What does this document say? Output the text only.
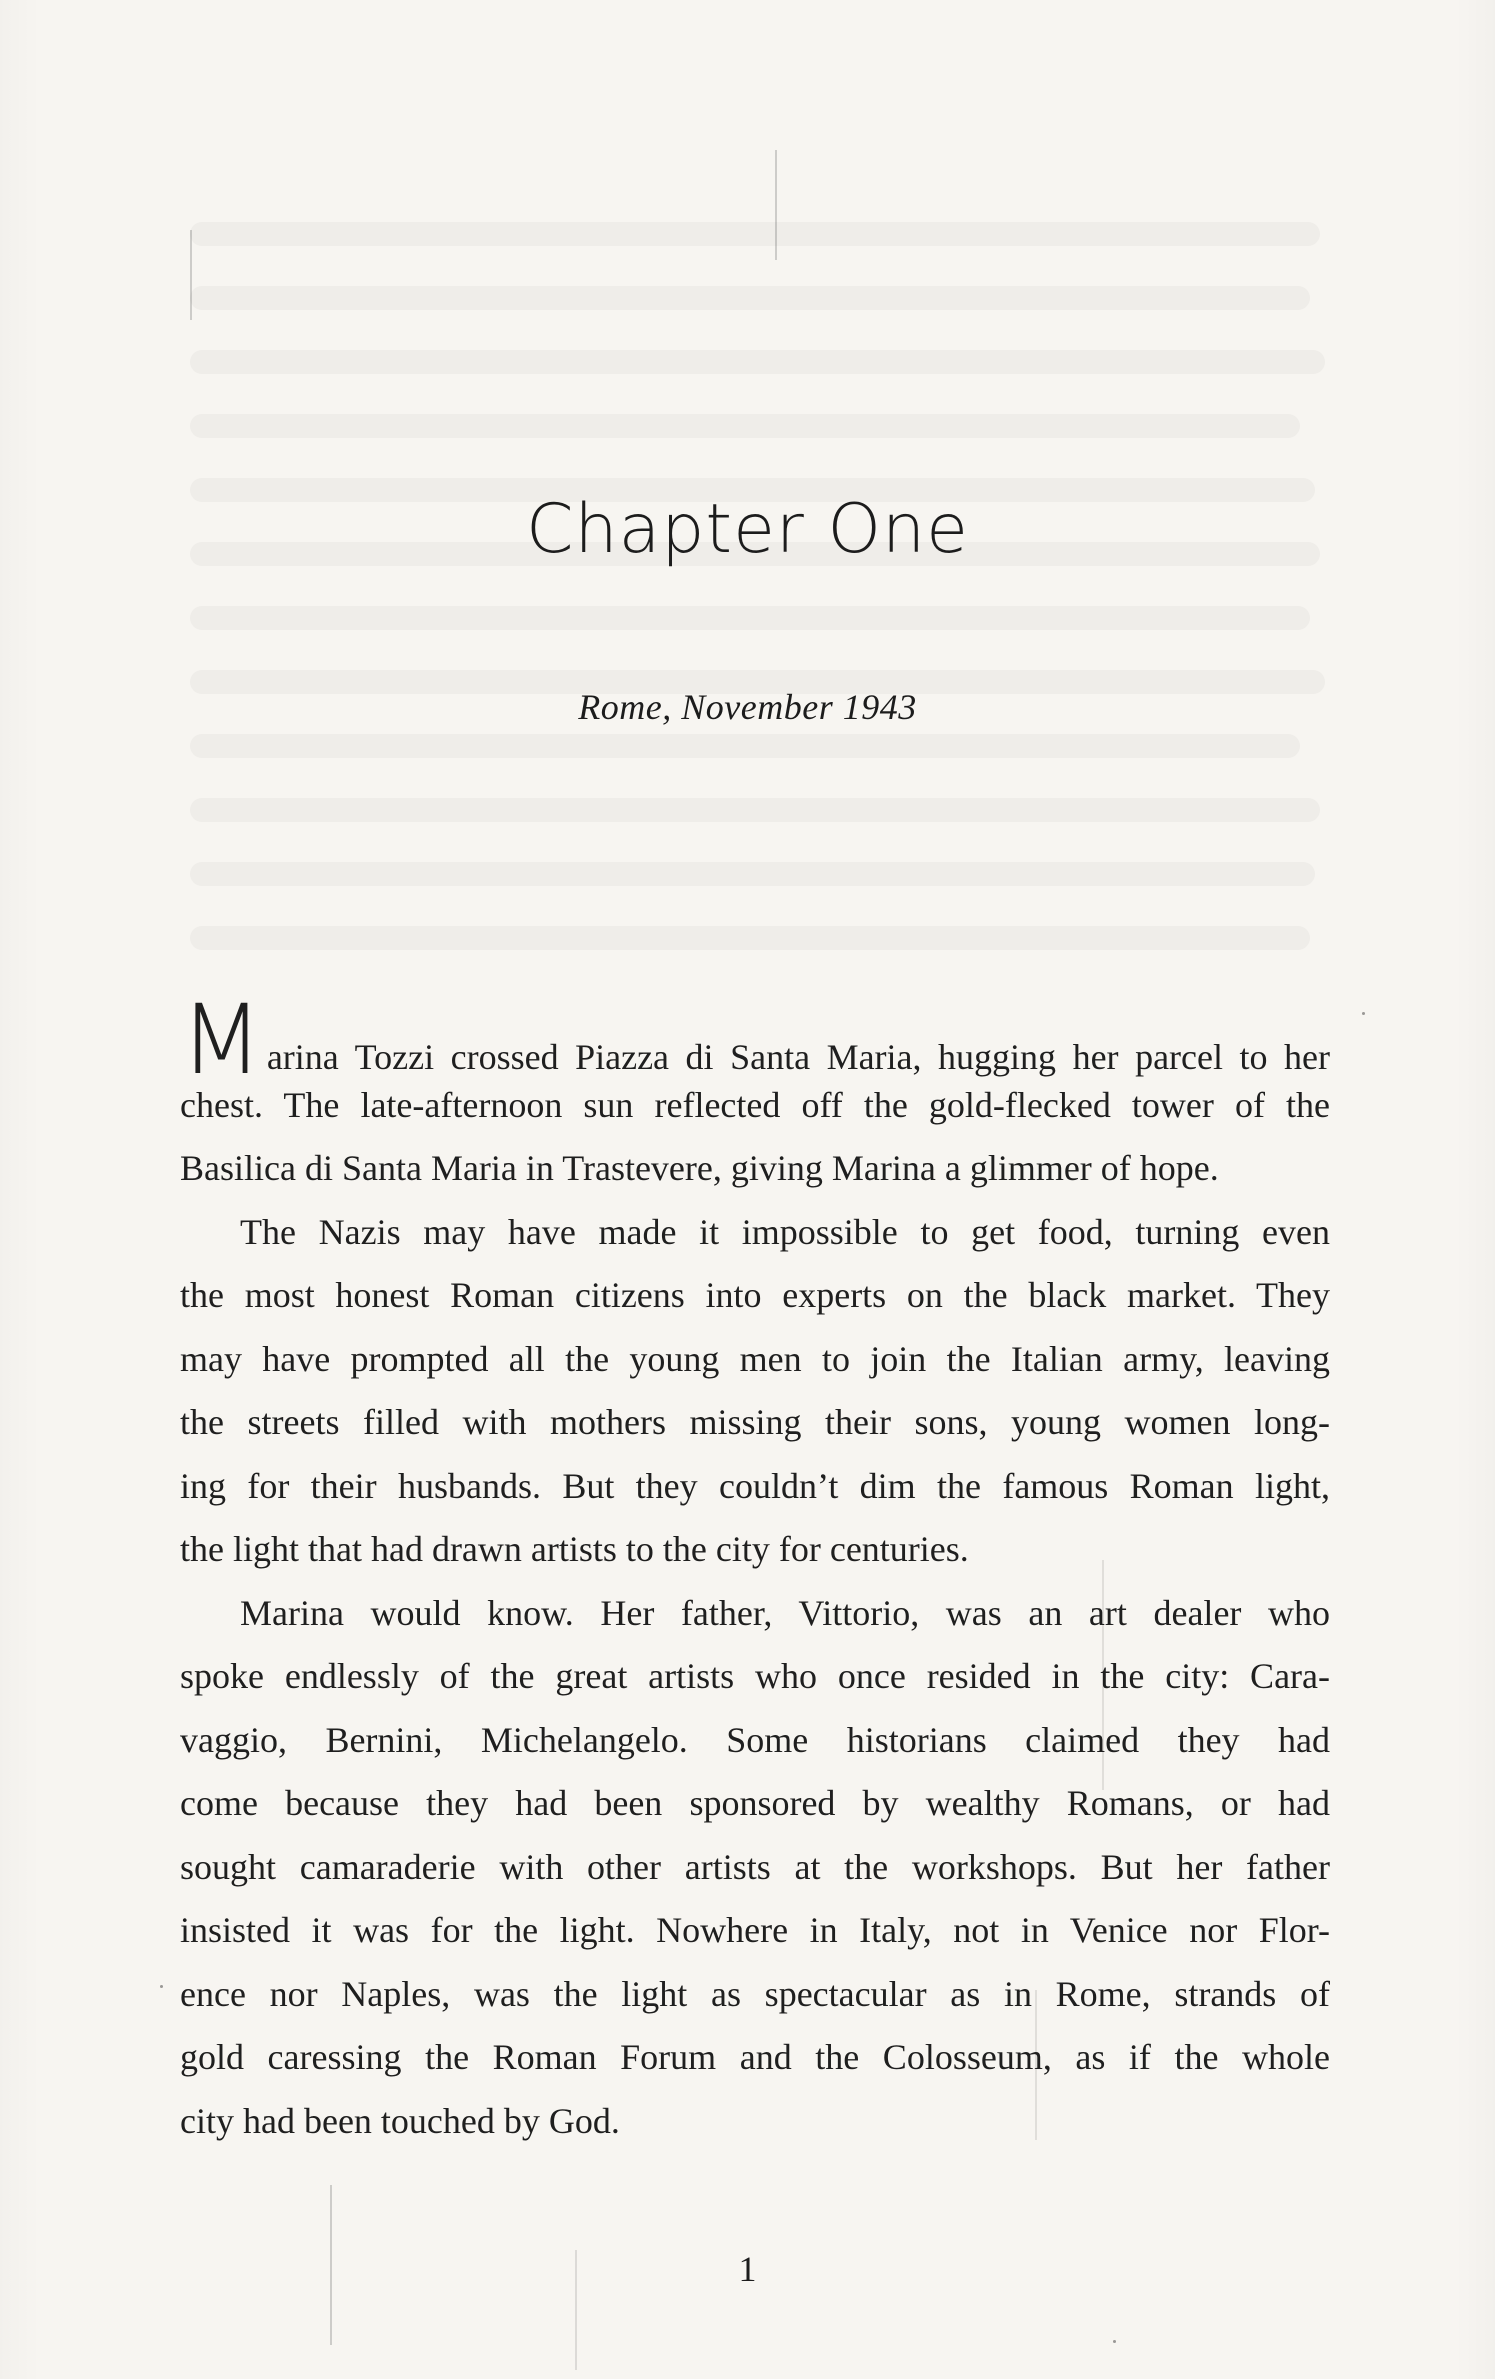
Chapter One
Rome, November 1943
Marina Tozzi crossed Piazza di Santa Maria, hugging her parcel to her
chest. The late-afternoon sun reflected off the gold-flecked tower of the
Basilica di Santa Maria in Trastevere, giving Marina a glimmer of hope.
The Nazis may have made it impossible to get food, turning even
the most honest Roman citizens into experts on the black market. They
may have prompted all the young men to join the Italian army, leaving
the streets filled with mothers missing their sons, young women long-
ing for their husbands. But they couldn’t dim the famous Roman light,
the light that had drawn artists to the city for centuries.
Marina would know. Her father, Vittorio, was an art dealer who
spoke endlessly of the great artists who once resided in the city: Cara-
vaggio, Bernini, Michelangelo. Some historians claimed they had
come because they had been sponsored by wealthy Romans, or had
sought camaraderie with other artists at the workshops. But her father
insisted it was for the light. Nowhere in Italy, not in Venice nor Flor-
ence nor Naples, was the light as spectacular as in Rome, strands of
gold caressing the Roman Forum and the Colosseum, as if the whole
city had been touched by God.
1
